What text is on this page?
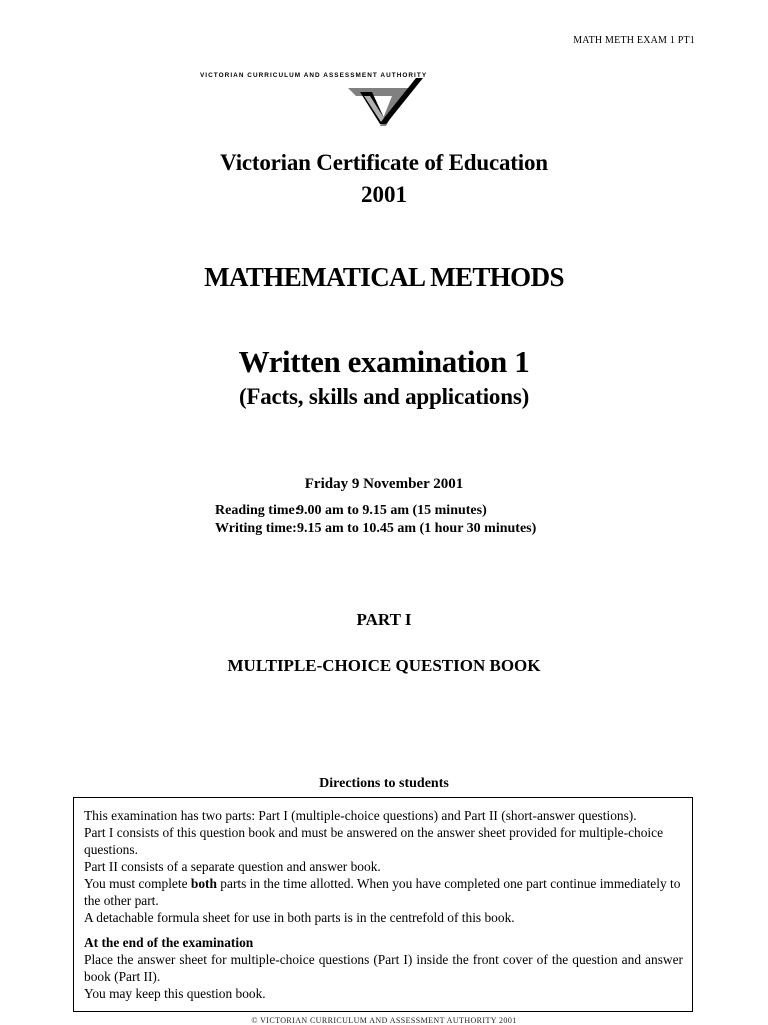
MATH METH EXAM 1 PT1
VICTORIAN CURRICULUM AND ASSESSMENT AUTHORITY
Victorian Certificate of Education
2001
MATHEMATICAL METHODS
Written examination 1
(Facts, skills and applications)
Friday 9 November 2001
Reading time:
9.00 am to 9.15 am (15 minutes)
Writing time: 9.15 am to 10.45 am (1 hour 30 minutes)
PART I
MULTIPLE-CHOICE QUESTION BOOK
Directions to students

This examination has two parts: Part I (multiple-choice questions) and Part II (short-answer questions).

Part I consists of this question book and must be answered on the answer sheet provided for multiple-choice questions.

Part II consists of a separate question and answer book.

You must complete both parts in the time allotted. When you have completed one part continue immediately to the other part.

A detachable formula sheet for use in both parts is in the centrefold of this book.

At the end of the examination

Place the answer sheet for multiple-choice questions (Part I) inside the front cover of the question and answer book (Part II).

You may keep this question book.

© VICTORIAN CURRICULUM AND ASSESSMENT AUTHORITY 2001
